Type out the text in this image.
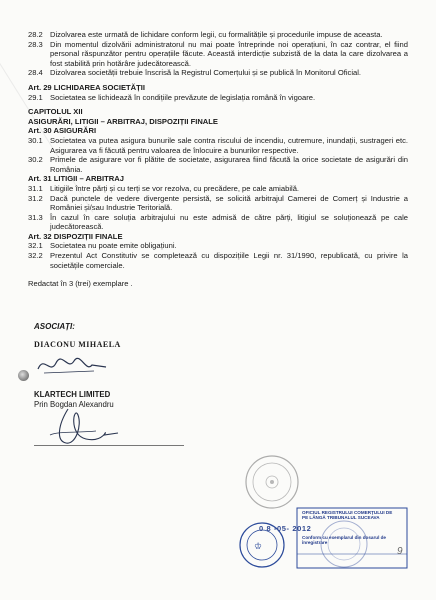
28.2 Dizolvarea este urmată de lichidare conform legii, cu formalitățile și procedurile impuse de aceasta.
28.3 Din momentul dizolvării administratorul nu mai poate întreprinde noi operațiuni, în caz contrar, el fiind personal răspunzător pentru operațiile făcute. Această interdicție subzistă de la data la care dizolvarea a fost stabilită prin hotărâre judecătorească.
28.4 Dizolvarea societății trebuie înscrisă la Registrul Comerțului și se publică în Monitorul Oficial.
Art. 29 LICHIDAREA SOCIETĂȚII
29.1 Societatea se lichidează în condițiile prevăzute de legislația română în vigoare.
CAPITOLUL XII
ASIGURĂRI, LITIGII – ARBITRAJ, DISPOZIȚII FINALE
Art. 30 ASIGURĂRI
30.1 Societatea va putea asigura bunurile sale contra riscului de incendiu, cutremure, inundații, sustrageri etc. Asigurarea va fi făcută pentru valoarea de înlocuire a bunurilor respective.
30.2 Primele de asigurare vor fi plătite de societate, asigurarea fiind făcută la orice societate de asigurări din România.
Art. 31 LITIGII – ARBITRAJ
31.1 Litigiile între părți și cu terți se vor rezolva, cu precădere, pe cale amiabilă.
31.2 Dacă punctele de vedere divergente persistă, se solicită arbitrajul Camerei de Comerț și Industrie a României și/sau Industrie Teritorială.
31.3 În cazul în care soluția arbitrajului nu este admisă de către părți, litigiul se soluționează pe cale judecătorească.
Art. 32 DISPOZIȚII FINALE
32.1 Societatea nu poate emite obligațiuni.
32.2 Prezentul Act Constitutiv se completează cu dispozițiile Legii nr. 31/1990, republicată, cu privire la societățile comerciale.
Redactat în 3 (trei) exemplare .
ASOCIAȚI:
DIACONU MIHAELA
KLARTECH LIMITED
Prin Bogdan Alexandru
♔
OFICIUL REGISTRULUI COMERȚULUI DE PE LÂNGĂ TRIBUNALUL SUCEAVA
Conform cu exemplarul din dosarul de înregistrare
0 8 -05- 2012
9
